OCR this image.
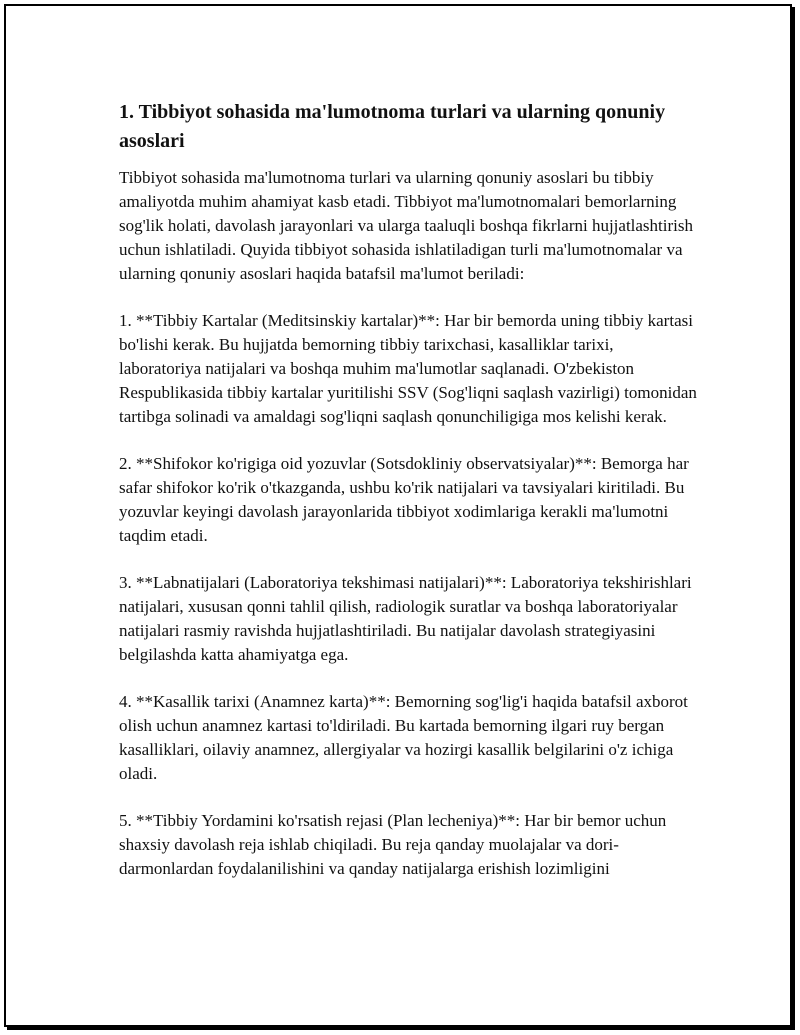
1. Tibbiyot sohasida ma'lumotnoma turlari va ularning qonuniy asoslari

Tibbiyot sohasida ma'lumotnoma turlari va ularning qonuniy asoslari bu tibbiy amaliyotda muhim ahamiyat kasb etadi. Tibbiyot ma'lumotnomalari bemorlarning sog'lik holati, davolash jarayonlari va ularga taaluqli boshqa fikrlarni hujjatlashtirish uchun ishlatiladi. Quyida tibbiyot sohasida ishlatiladigan turli ma'lumotnomalar va ularning qonuniy asoslari haqida batafsil ma'lumot beriladi:

1. **Tibbiy Kartalar (Meditsinskiy kartalar)**: Har bir bemorda uning tibbiy kartasi bo'lishi kerak. Bu hujjatda bemorning tibbiy tarixchasi, kasalliklar tarixi, laboratoriya natijalari va boshqa muhim ma'lumotlar saqlanadi. O'zbekiston Respublikasida tibbiy kartalar yuritilishi SSV (Sog'liqni saqlash vazirligi) tomonidan tartibga solinadi va amaldagi sog'liqni saqlash qonunchiligiga mos kelishi kerak.

2. **Shifokor ko'rigiga oid yozuvlar (Sotsdokliniy observatsiyalar)**: Bemorga har safar shifokor ko'rik o'tkazganda, ushbu ko'rik natijalari va tavsiyalari kiritiladi. Bu yozuvlar keyingi davolash jarayonlarida tibbiyot xodimlariga kerakli ma'lumotni taqdim etadi.

3. **Labnatijalari (Laboratoriya tekshimasi natijalari)**: Laboratoriya tekshirishlari natijalari, xususan qonni tahlil qilish, radiologik suratlar va boshqa laboratoriyalar natijalari rasmiy ravishda hujjatlashtiriladi. Bu natijalar davolash strategiyasini belgilashda katta ahamiyatga ega.

4. **Kasallik tarixi (Anamnez karta)**: Bemorning sog'lig'i haqida batafsil axborot olish uchun anamnez kartasi to'ldiriladi. Bu kartada bemorning ilgari ruy bergan kasalliklari, oilaviy anamnez, allergiyalar va hozirgi kasallik belgilarini o'z ichiga oladi.

5. **Tibbiy Yordamini ko'rsatish rejasi (Plan lecheniya)**: Har bir bemor uchun shaxsiy davolash reja ishlab chiqiladi. Bu reja qanday muolajalar va dori-darmonlardan foydalanilishini va qanday natijalarga erishish lozimligini
